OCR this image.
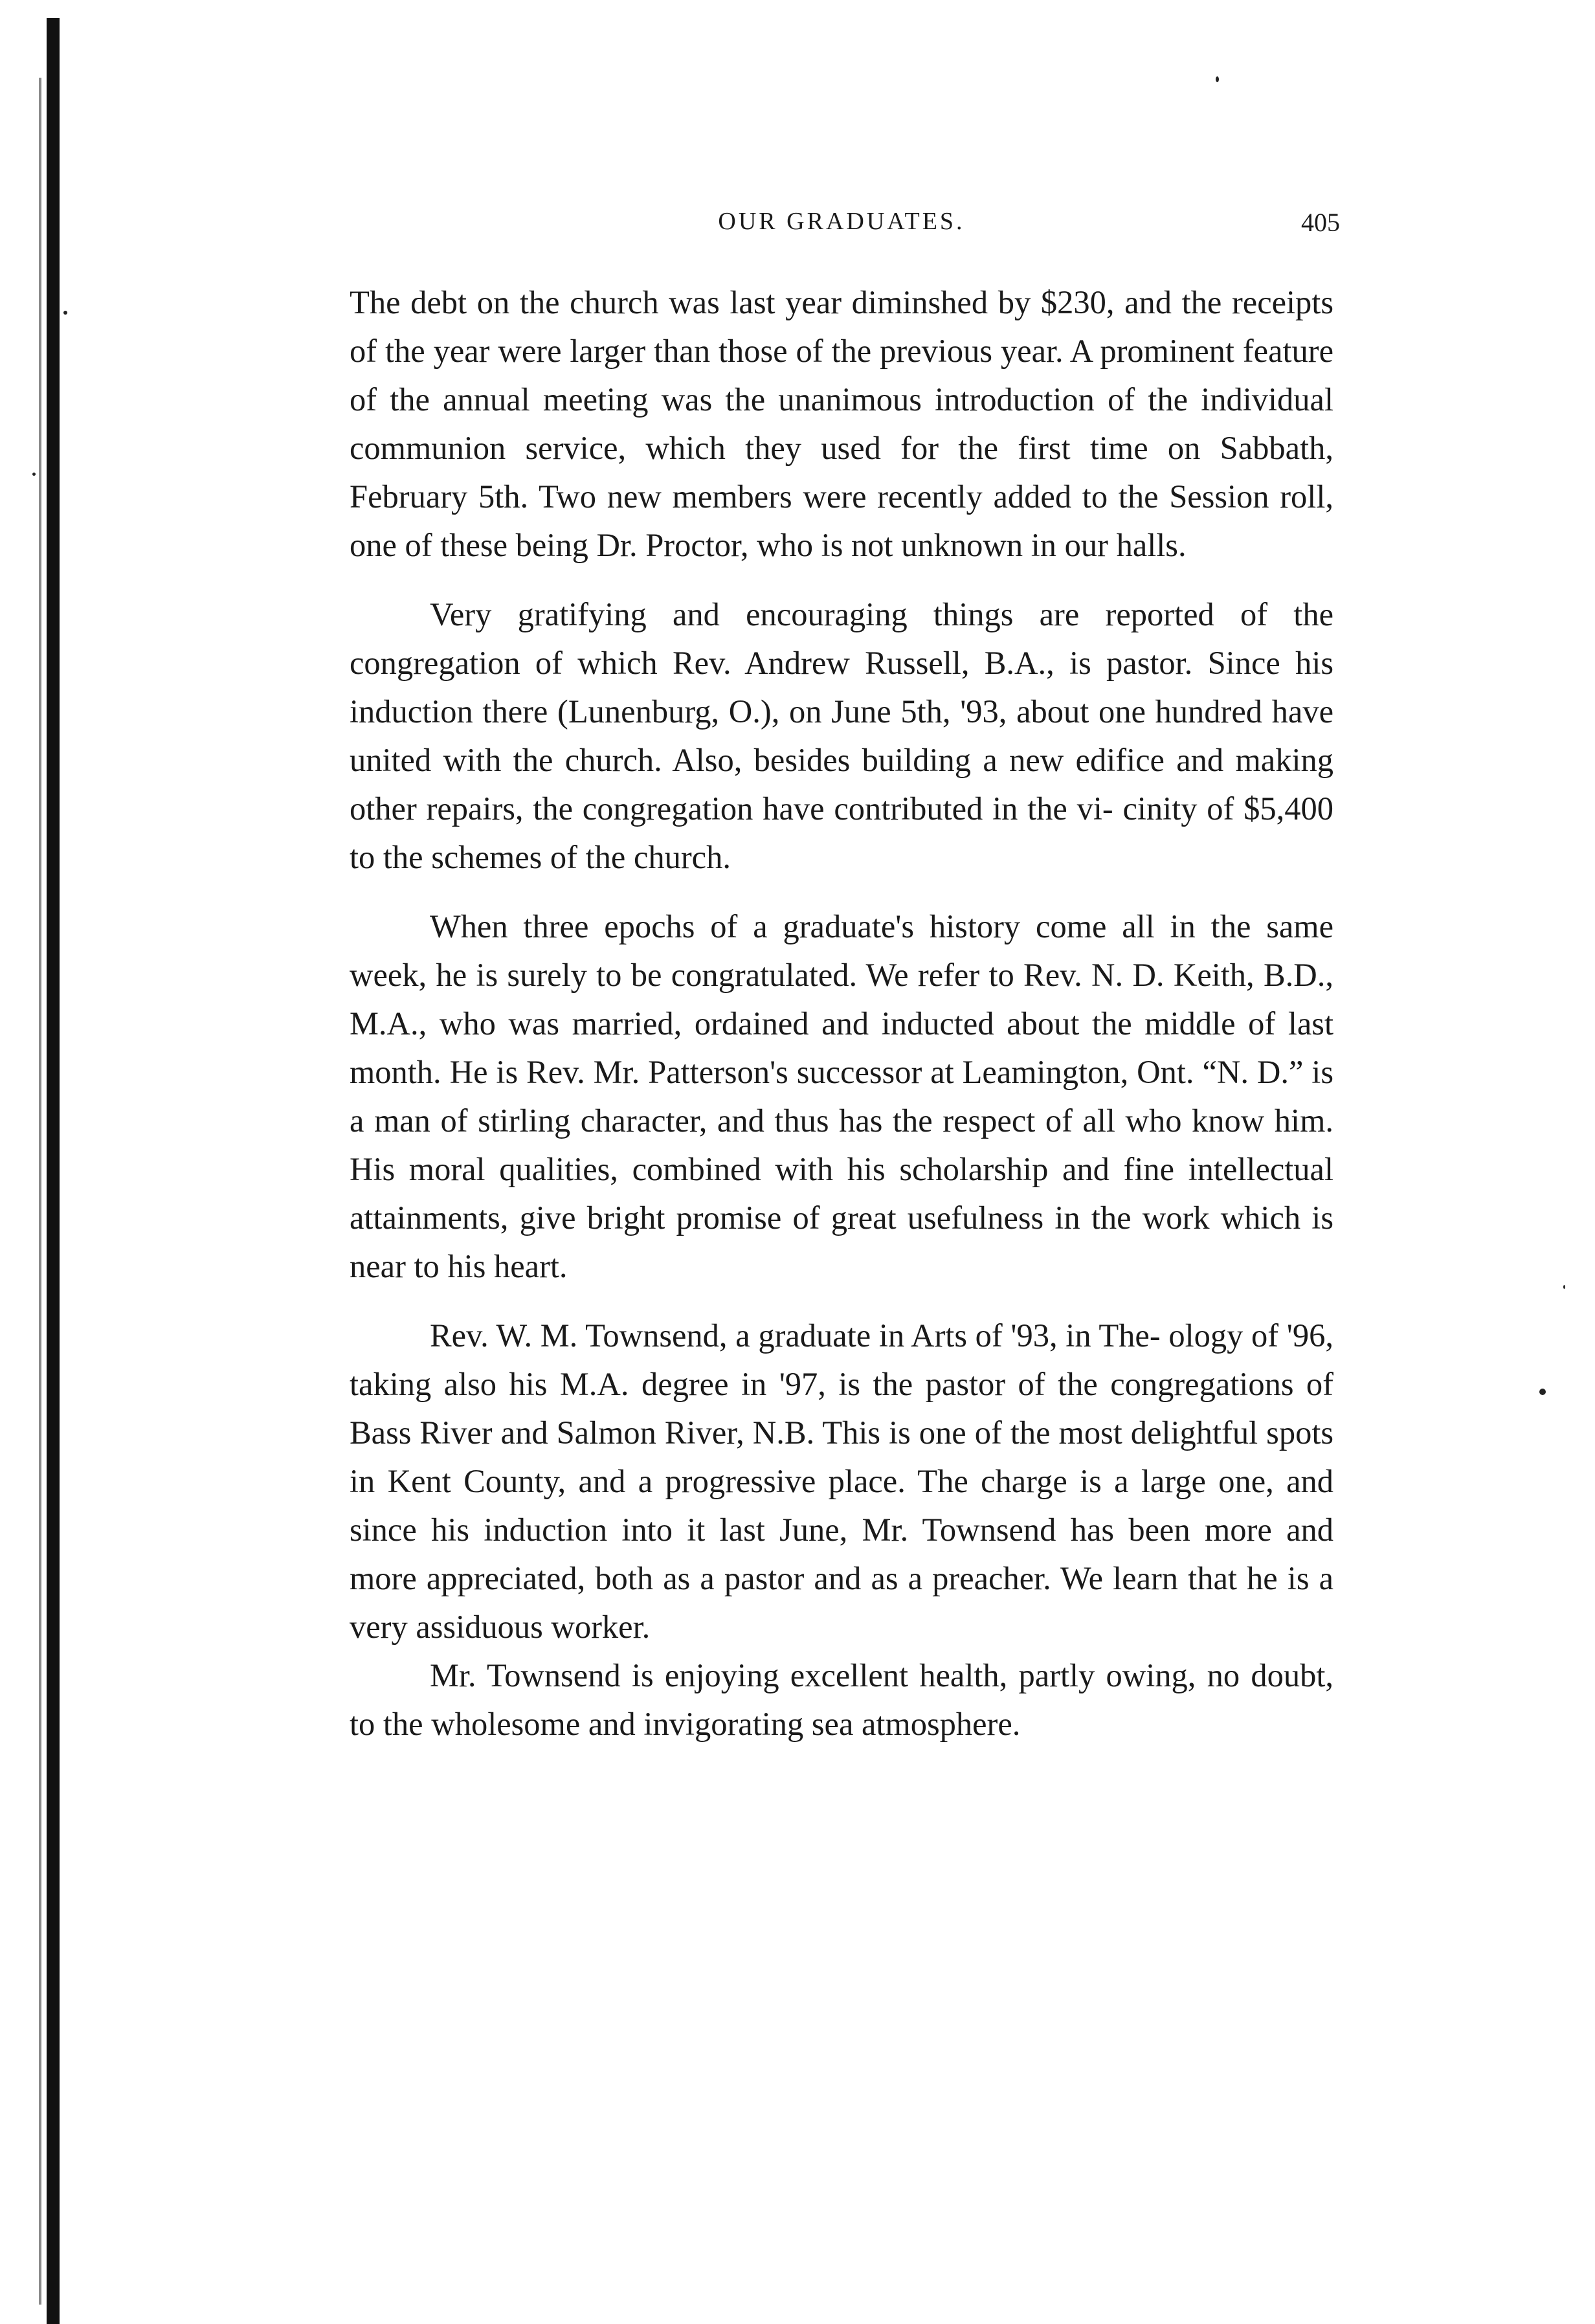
OUR GRADUATES.	405

The debt on the church was last year diminshed by $230, and the receipts of the year were larger than those of the previous year. A prominent feature of the annual meeting was the unanimous introduction of the individual communion service, which they used for the first time on Sabbath, February 5th. Two new members were recently added to the Session roll, one of these being Dr. Proctor, who is not unknown in our halls.

Very gratifying and encouraging things are reported of the congregation of which Rev. Andrew Russell, B.A., is pastor. Since his induction there (Lunenburg, O.), on June 5th, '93, about one hundred have united with the church. Also, besides building a new edifice and making other repairs, the congregation have contributed in the vi- cinity of $5,400 to the schemes of the church.

When three epochs of a graduate's history come all in the same week, he is surely to be congratulated. We refer to Rev. N. D. Keith, B.D., M.A., who was married, ordained and inducted about the middle of last month. He is Rev. Mr. Patterson's successor at Leamington, Ont. “N. D.” is a man of stirling character, and thus has the respect of all who know him. His moral qualities, combined with his scholarship and fine intellectual attainments, give bright promise of great usefulness in the work which is near to his heart.

Rev. W. M. Townsend, a graduate in Arts of '93, in The- ology of '96, taking also his M.A. degree in '97, is the pastor of the congregations of Bass River and Salmon River, N.B. This is one of the most delightful spots in Kent County, and a progressive place. The charge is a large one, and since his induction into it last June, Mr. Townsend has been more and more appreciated, both as a pastor and as a preacher. We learn that he is a very assiduous worker.

Mr. Townsend is enjoying excellent health, partly owing, no doubt, to the wholesome and invigorating sea atmosphere.
